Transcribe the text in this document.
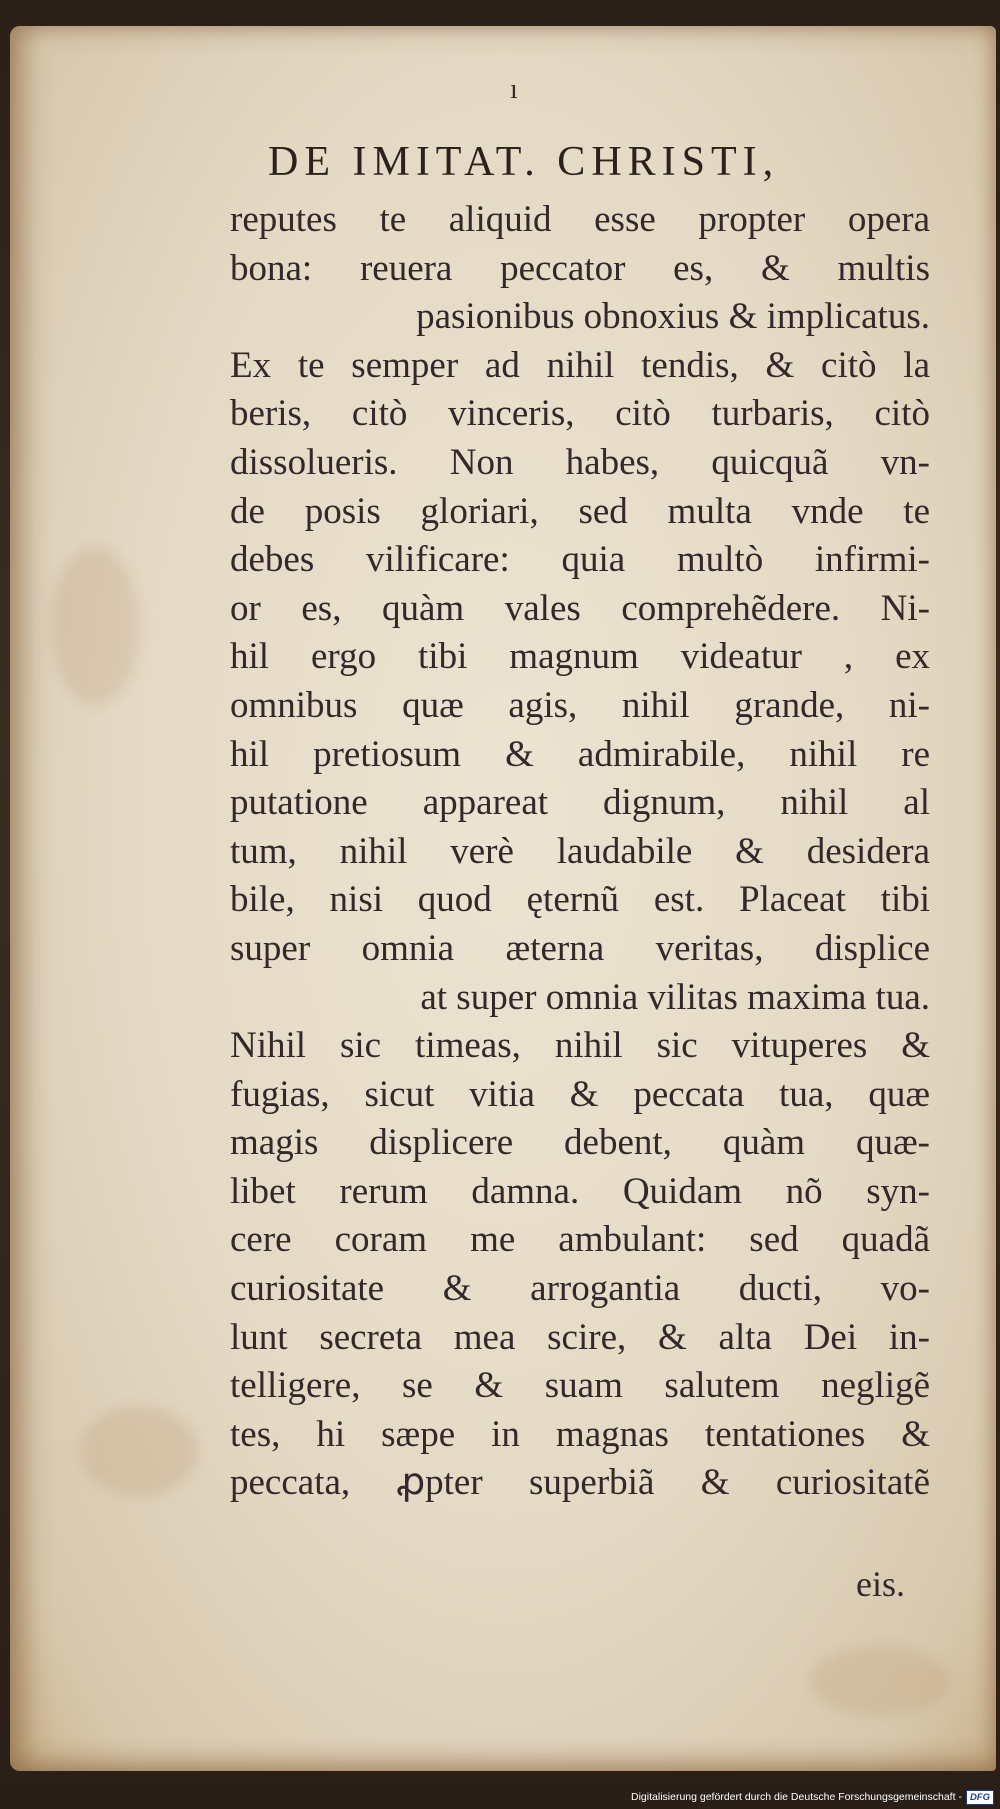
ı
DE IMITAT. CHRISTI,
reputes te aliquid esse propter opera
bona: reuera peccator es, & multis
pasionibus obnoxius & implicatus.
Ex te semper ad nihil tendis, & citò la
beris, citò vinceris, citò turbaris, citò
dissolueris. Non habes, quicquã vn-
de posis gloriari, sed multa vnde te
debes vilificare: quia multò infirmi-
or es, quàm vales comprehẽdere. Ni-
hil ergo tibi magnum videatur , ex
omnibus quæ agis, nihil grande, ni-
hil pretiosum & admirabile, nihil re
putatione appareat dignum, nihil al
tum, nihil verè laudabile & desidera
bile, nisi quod ęternũ est. Placeat tibi
super omnia æterna veritas, displice
at super omnia vilitas maxima tua.
Nihil sic timeas, nihil sic vituperes &
fugias, sicut vitia & peccata tua, quæ
magis displicere debent, quàm quæ-
libet rerum damna. Quidam nõ syn-
cere coram me ambulant: sed quadã
curiositate & arrogantia ducti, vo-
lunt secreta mea scire, & alta Dei in-
telligere, se & suam salutem negligẽ
tes, hi sæpe in magnas tentationes &
peccata, ꝓpter superbiã & curiositatẽ
eis.
Digitalisierung gefördert durch die Deutsche Forschungsgemeinschaft - DFG
